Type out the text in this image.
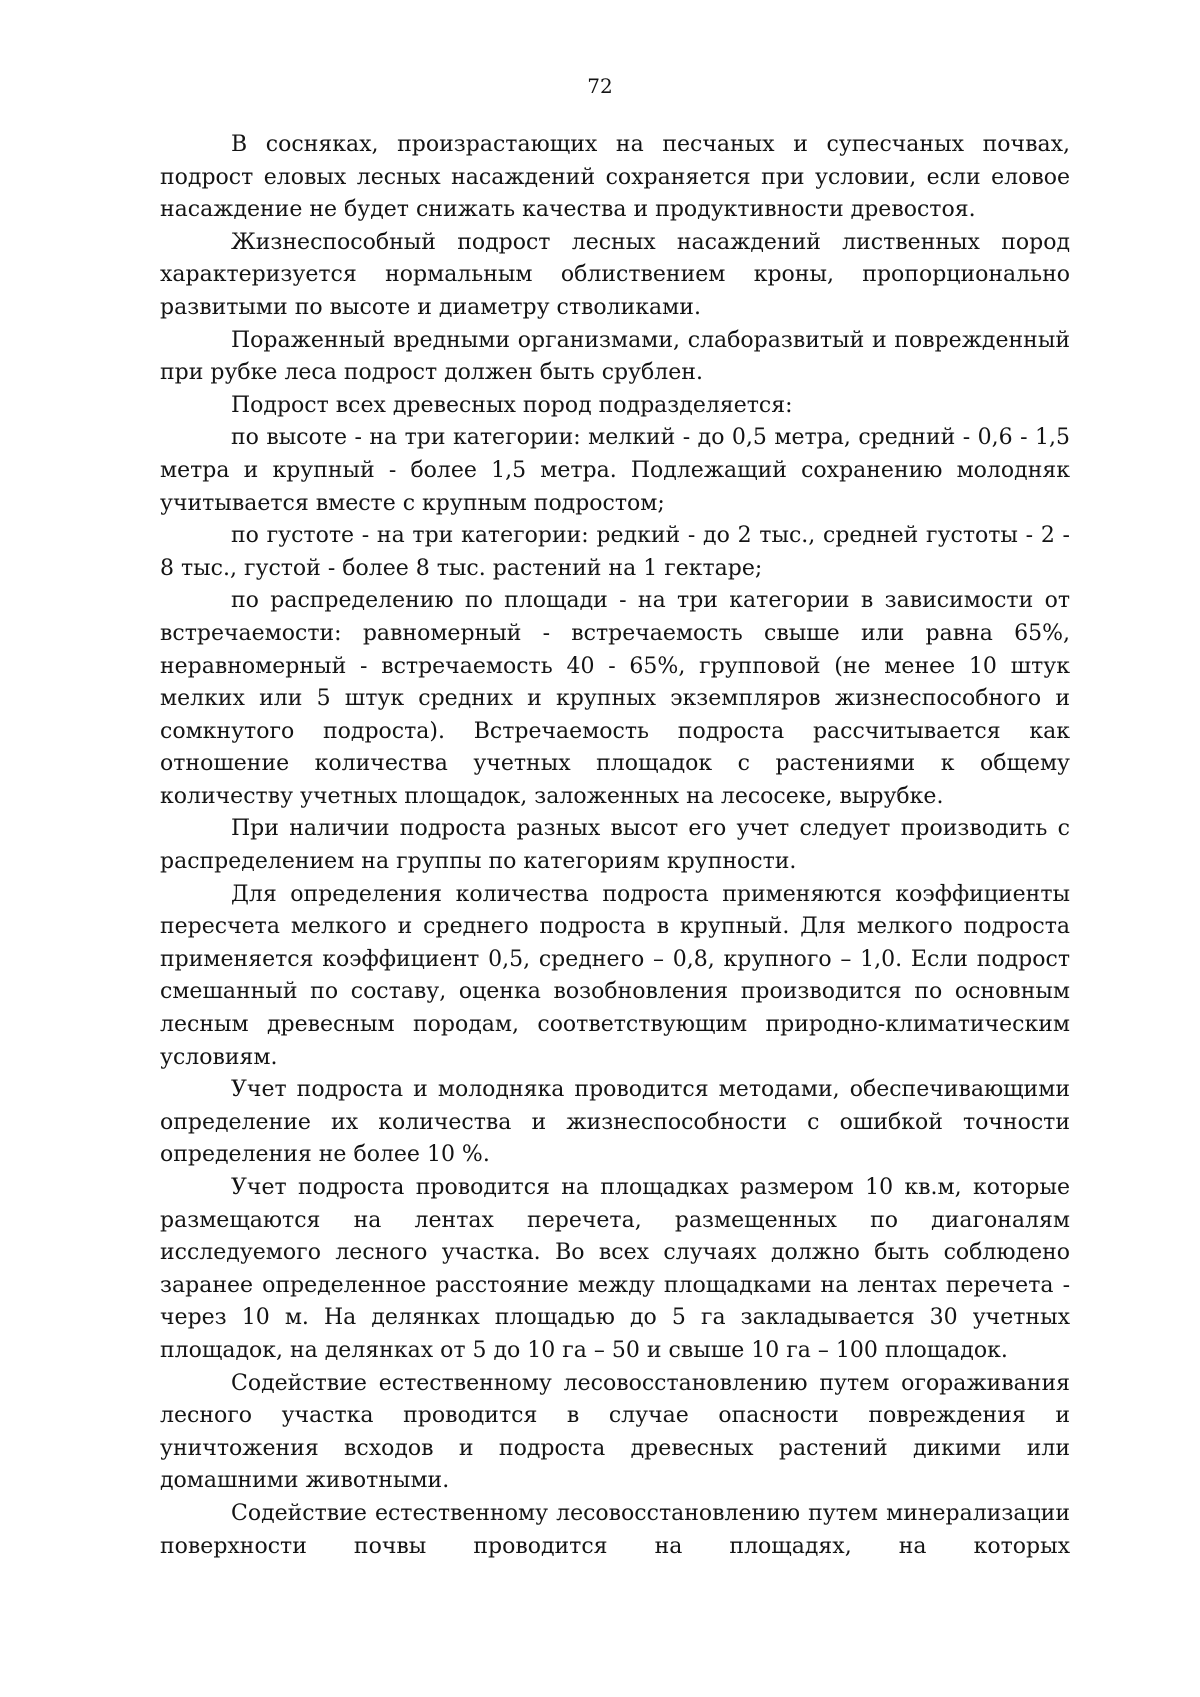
72

В сосняках, произрастающих на песчаных и супесчаных почвах, подрост еловых лесных насаждений сохраняется при условии, если еловое насаждение не будет снижать качества и продуктивности древостоя.

Жизнеспособный подрост лесных насаждений лиственных пород характеризуется нормальным облиствением кроны, пропорционально развитыми по высоте и диаметру стволиками.

Пораженный вредными организмами, слаборазвитый и поврежденный при рубке леса подрост должен быть срублен.

Подрост всех древесных пород подразделяется:

по высоте - на три категории: мелкий - до 0,5 метра, средний - 0,6 - 1,5 метра и крупный - более 1,5 метра. Подлежащий сохранению молодняк учитывается вместе с крупным подростом;

по густоте - на три категории: редкий - до 2 тыс., средней густоты - 2 - 8 тыс., густой - более 8 тыс. растений на 1 гектаре;

по распределению по площади - на три категории в зависимости от встречаемости: равномерный - встречаемость свыше или равна 65%, неравномерный - встречаемость 40 - 65%, групповой (не менее 10 штук мелких или 5 штук средних и крупных экземпляров жизнеспособного и сомкнутого подроста). Встречаемость подроста рассчитывается как отношение количества учетных площадок с растениями к общему количеству учетных площадок, заложенных на лесосеке, вырубке.

При наличии подроста разных высот его учет следует производить с распределением на группы по категориям крупности.

Для определения количества подроста применяются коэффициенты пересчета мелкого и среднего подроста в крупный. Для мелкого подроста применяется коэффициент 0,5, среднего – 0,8, крупного – 1,0. Если подрост смешанный по составу, оценка возобновления производится по основным лесным древесным породам, соответствующим природно-климатическим условиям.

Учет подроста и молодняка проводится методами, обеспечивающими определение их количества и жизнеспособности с ошибкой точности определения не более 10 %.

Учет подроста проводится на площадках размером 10 кв.м, которые размещаются на лентах перечета, размещенных по диагоналям исследуемого лесного участка. Во всех случаях должно быть соблюдено заранее определенное расстояние между площадками на лентах перечета - через 10 м. На делянках площадью до 5 га закладывается 30 учетных площадок, на делянках от 5 до 10 га – 50 и свыше 10 га – 100 площадок.

Содействие естественному лесовосстановлению путем огораживания лесного участка проводится в случае опасности повреждения и уничтожения всходов и подроста древесных растений дикими или домашними животными.

Содействие естественному лесовосстановлению путем минерализации поверхности почвы проводится на площадях, на которых
